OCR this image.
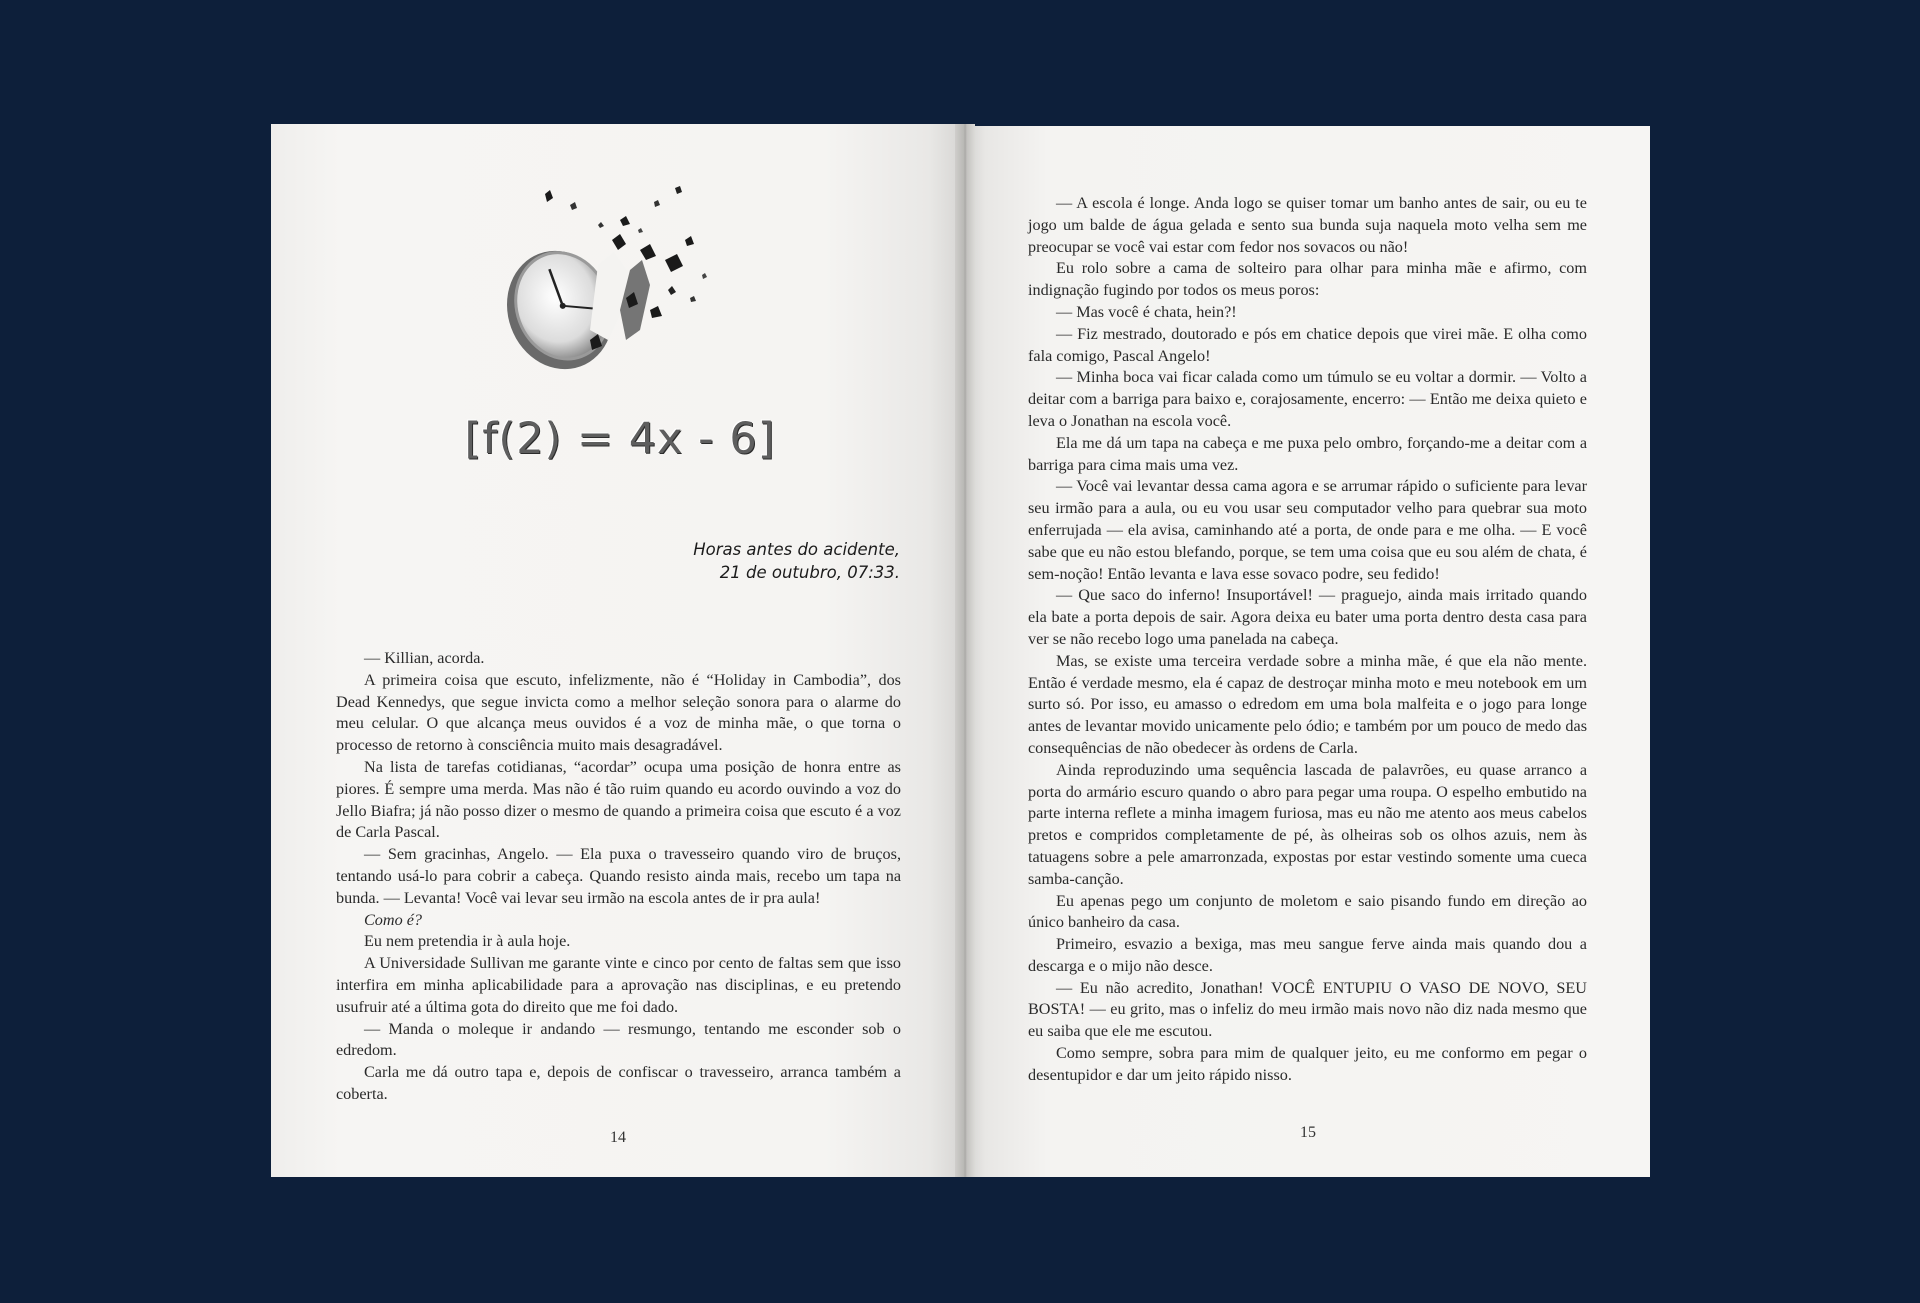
[f(2) = 4x - 6]
Horas antes do acidente,
21 de outubro, 07:33.

— Killian, acorda.

A primeira coisa que escuto, infelizmente, não é “Holiday in Cambodia”, dos Dead Kennedys, que segue invicta como a melhor seleção sonora para o alarme do meu celular. O que alcança meus ouvidos é a voz de minha mãe, o que torna o processo de retorno à consciência muito mais desagradável.

Na lista de tarefas cotidianas, “acordar” ocupa uma posição de honra entre as piores. É sempre uma merda. Mas não é tão ruim quando eu acordo ouvindo a voz do Jello Biafra; já não posso dizer o mesmo de quando a primeira coisa que escuto é a voz de Carla Pascal.

— Sem gracinhas, Angelo. — Ela puxa o travesseiro quando viro de bruços, tentando usá-lo para cobrir a cabeça. Quando resisto ainda mais, recebo um tapa na bunda. — Levanta! Você vai levar seu irmão na escola antes de ir pra aula!

Como é?

Eu nem pretendia ir à aula hoje.

A Universidade Sullivan me garante vinte e cinco por cento de faltas sem que isso interfira em minha aplicabilidade para a aprovação nas disciplinas, e eu pretendo usufruir até a última gota do direito que me foi dado.

— Manda o moleque ir andando — resmungo, tentando me esconder sob o edredom.

Carla me dá outro tapa e, depois de confiscar o travesseiro, arranca também a coberta.

— A escola é longe. Anda logo se quiser tomar um banho antes de sair, ou eu te jogo um balde de água gelada e sento sua bunda suja naquela moto velha sem me preocupar se você vai estar com fedor nos sovacos ou não!

Eu rolo sobre a cama de solteiro para olhar para minha mãe e afirmo, com indignação fugindo por todos os meus poros:

— Mas você é chata, hein?!

— Fiz mestrado, doutorado e pós em chatice depois que virei mãe. E olha como fala comigo, Pascal Angelo!

— Minha boca vai ficar calada como um túmulo se eu voltar a dormir. — Volto a deitar com a barriga para baixo e, corajosamente, encerro: — Então me deixa quieto e leva o Jonathan na escola você.

Ela me dá um tapa na cabeça e me puxa pelo ombro, forçando-me a deitar com a barriga para cima mais uma vez.

— Você vai levantar dessa cama agora e se arrumar rápido o suficiente para levar seu irmão para a aula, ou eu vou usar seu computador velho para quebrar sua moto enferrujada — ela avisa, caminhando até a porta, de onde para e me olha. — E você sabe que eu não estou blefando, porque, se tem uma coisa que eu sou além de chata, é sem-noção! Então levanta e lava esse sovaco podre, seu fedido!

— Que saco do inferno! Insuportável! — praguejo, ainda mais irritado quando ela bate a porta depois de sair. Agora deixa eu bater uma porta dentro desta casa para ver se não recebo logo uma panelada na cabeça.

Mas, se existe uma terceira verdade sobre a minha mãe, é que ela não mente. Então é verdade mesmo, ela é capaz de destroçar minha moto e meu notebook em um surto só. Por isso, eu amasso o edredom em uma bola malfeita e o jogo para longe antes de levantar movido unicamente pelo ódio; e também por um pouco de medo das consequências de não obedecer às ordens de Carla.

Ainda reproduzindo uma sequência lascada de palavrões, eu quase arranco a porta do armário escuro quando o abro para pegar uma roupa. O espelho embutido na parte interna reflete a minha imagem furiosa, mas eu não me atento aos meus cabelos pretos e compridos completamente de pé, às olheiras sob os olhos azuis, nem às tatuagens sobre a pele amarronzada, expostas por estar vestindo somente uma cueca samba-canção.

Eu apenas pego um conjunto de moletom e saio pisando fundo em direção ao único banheiro da casa.

Primeiro, esvazio a bexiga, mas meu sangue ferve ainda mais quando dou a descarga e o mijo não desce.

— Eu não acredito, Jonathan! VOCÊ ENTUPIU O VASO DE NOVO, SEU BOSTA! — eu grito, mas o infeliz do meu irmão mais novo não diz nada mesmo que eu saiba que ele me escutou.

Como sempre, sobra para mim de qualquer jeito, eu me conformo em pegar o desentupidor e dar um jeito rápido nisso.

14	15
